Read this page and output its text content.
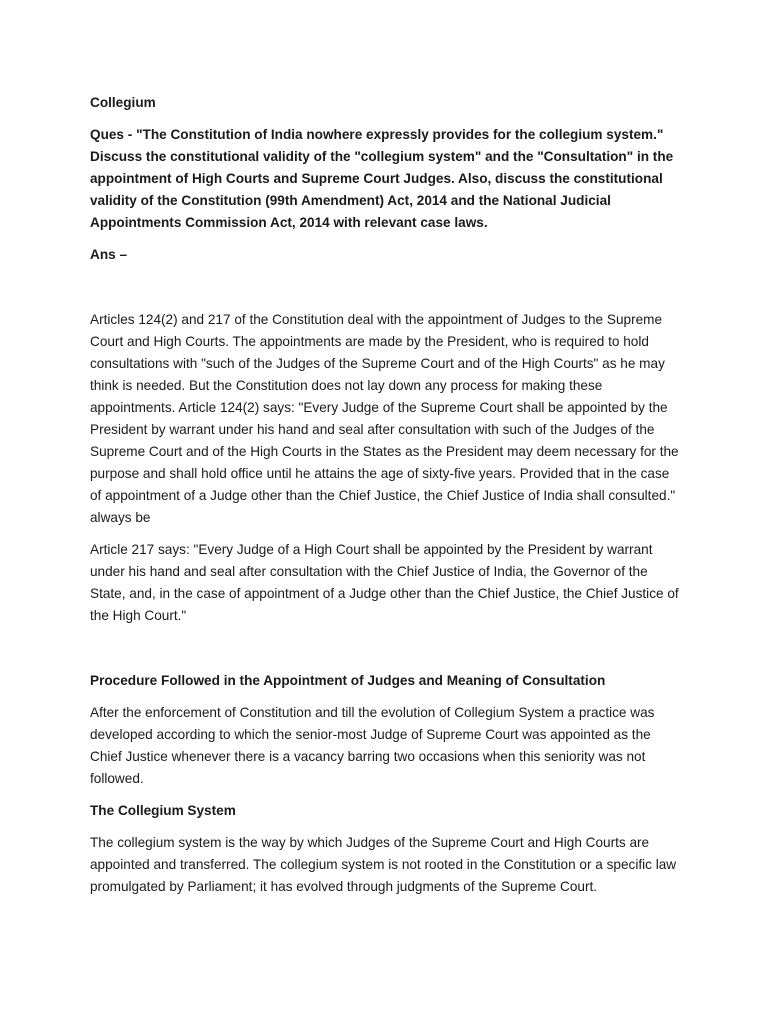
Collegium

Ques - "The Constitution of India nowhere expressly provides for the collegium system." Discuss the constitutional validity of the "collegium system" and the "Consultation" in the appointment of High Courts and Supreme Court Judges. Also, discuss the constitutional validity of the Constitution (99th Amendment) Act, 2014 and the National Judicial Appointments Commission Act, 2014 with relevant case laws.

Ans –

Articles 124(2) and 217 of the Constitution deal with the appointment of Judges to the Supreme Court and High Courts. The appointments are made by the President, who is required to hold consultations with "such of the Judges of the Supreme Court and of the High Courts" as he may think is needed. But the Constitution does not lay down any process for making these appointments. Article 124(2) says: "Every Judge of the Supreme Court shall be appointed by the President by warrant under his hand and seal after consultation with such of the Judges of the Supreme Court and of the High Courts in the States as the President may deem necessary for the purpose and shall hold office until he attains the age of sixty-five years. Provided that in the case of appointment of a Judge other than the Chief Justice, the Chief Justice of India shall consulted." always be

Article 217 says: "Every Judge of a High Court shall be appointed by the President by warrant under his hand and seal after consultation with the Chief Justice of India, the Governor of the State, and, in the case of appointment of a Judge other than the Chief Justice, the Chief Justice of the High Court."

Procedure Followed in the Appointment of Judges and Meaning of Consultation

After the enforcement of Constitution and till the evolution of Collegium System a practice was developed according to which the senior-most Judge of Supreme Court was appointed as the Chief Justice whenever there is a vacancy barring two occasions when this seniority was not followed.

The Collegium System

The collegium system is the way by which Judges of the Supreme Court and High Courts are appointed and transferred. The collegium system is not rooted in the Constitution or a specific law promulgated by Parliament; it has evolved through judgments of the Supreme Court.
